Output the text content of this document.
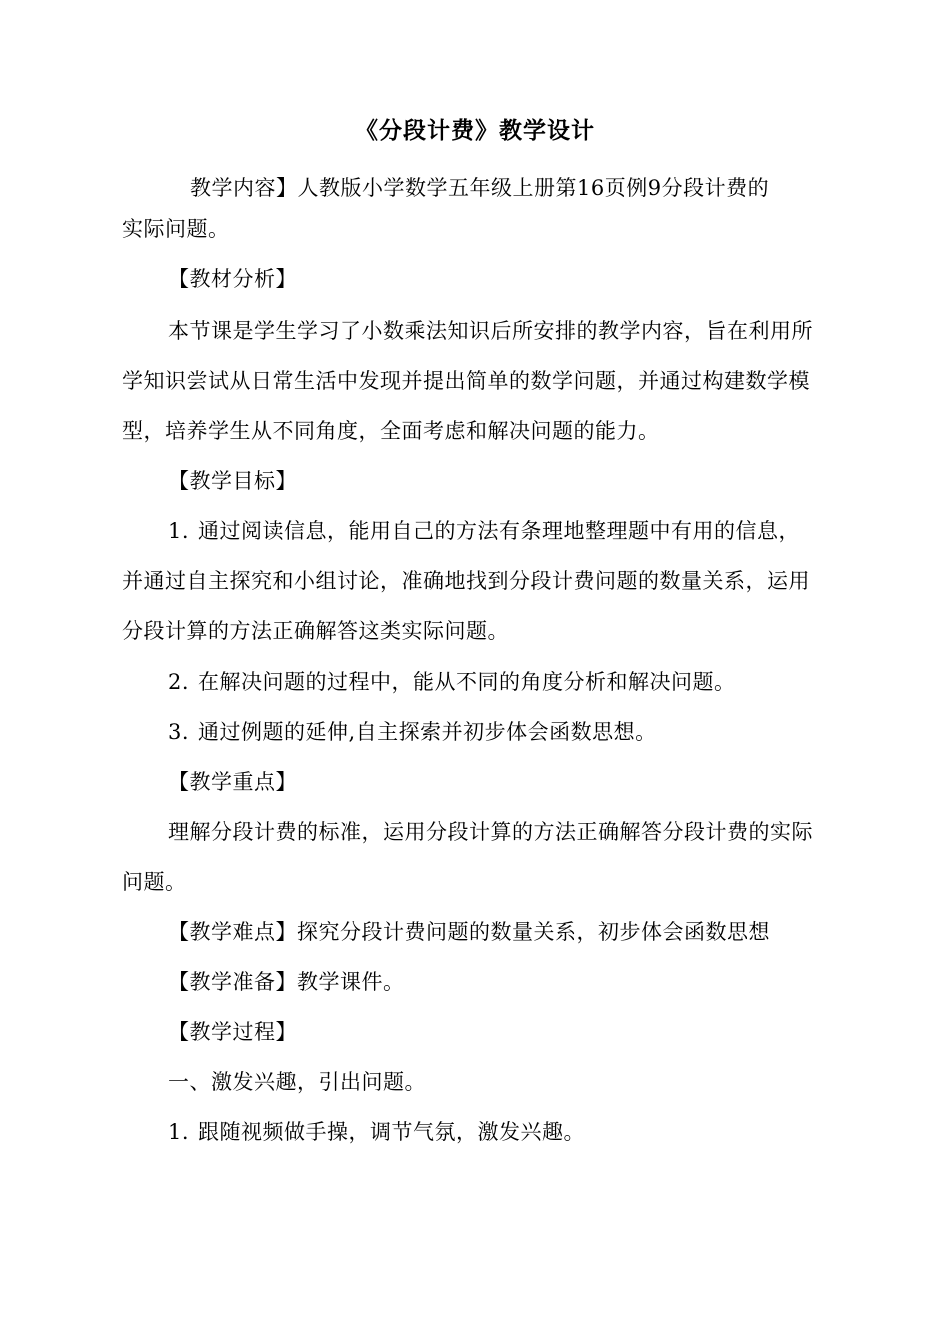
《分段计费》教学设计
教学内容】人教版小学数学五年级上册第16页例9分段计费的
实际问题。
【教材分析】
本节课是学生学习了小数乘法知识后所安排的教学内容，旨在利用所
学知识尝试从日常生活中发现并提出简单的数学问题，并通过构建数学模
型，培养学生从不同角度，全面考虑和解决问题的能力。
【教学目标】
1. 通过阅读信息，能用自己的方法有条理地整理题中有用的信息，
并通过自主探究和小组讨论，准确地找到分段计费问题的数量关系，运用
分段计算的方法正确解答这类实际问题。
2. 在解决问题的过程中，能从不同的角度分析和解决问题。
3. 通过例题的延伸,自主探索并初步体会函数思想。
【教学重点】
理解分段计费的标准，运用分段计算的方法正确解答分段计费的实际
问题。
【教学难点】探究分段计费问题的数量关系，初步体会函数思想
【教学准备】教学课件。
【教学过程】
一、激发兴趣，引出问题。
1. 跟随视频做手操，调节气氛，激发兴趣。
